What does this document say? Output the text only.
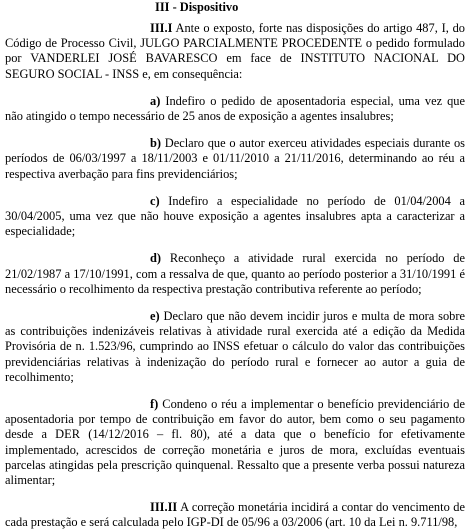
III - Dispositivo

III.I Ante o exposto, forte nas disposições do artigo 487, I, do Código de Processo Civil, JULGO PARCIALMENTE PROCEDENTE o pedido formulado por VANDERLEI JOSÉ BAVARESCO em face de INSTITUTO NACIONAL DO SEGURO SOCIAL - INSS e, em consequência:

a) Indefiro o pedido de aposentadoria especial, uma vez que não atingido o tempo necessário de 25 anos de exposição a agentes insalubres;

b) Declaro que o autor exerceu atividades especiais durante os períodos de 06/03/1997 a 18/11/2003 e 01/11/2010 a 21/11/2016, determinando ao réu a respectiva averbação para fins previdenciários;

c) Indefiro a especialidade no período de 01/04/2004 a 30/04/2005, uma vez que não houve exposição a agentes insalubres apta a caracterizar a especialidade;

d) Reconheço a atividade rural exercida no período de 21/02/1987 a 17/10/1991, com a ressalva de que, quanto ao período posterior a 31/10/1991 é necessário o recolhimento da respectiva prestação contributiva referente ao período;

e) Declaro que não devem incidir juros e multa de mora sobre as contribuições indenizáveis relativas à atividade rural exercida até a edição da Medida Provisória de n. 1.523/96, cumprindo ao INSS efetuar o cálculo do valor das contribuições previdenciárias relativas à indenização do período rural e fornecer ao autor a guia de recolhimento;

f) Condeno o réu a implementar o benefício previdenciário de aposentadoria por tempo de contribuição em favor do autor, bem como o seu pagamento desde a DER (14/12/2016 – fl. 80), até a data que o benefício for efetivamente implementado, acrescidos de correção monetária e juros de mora, excluídas eventuais parcelas atingidas pela prescrição quinquenal. Ressalto que a presente verba possui natureza alimentar;

III.II A correção monetária incidirá a contar do vencimento de cada prestação e será calculada pelo IGP-DI de 05/96 a 03/2006 (art. 10 da Lei n. 9.711/98,
